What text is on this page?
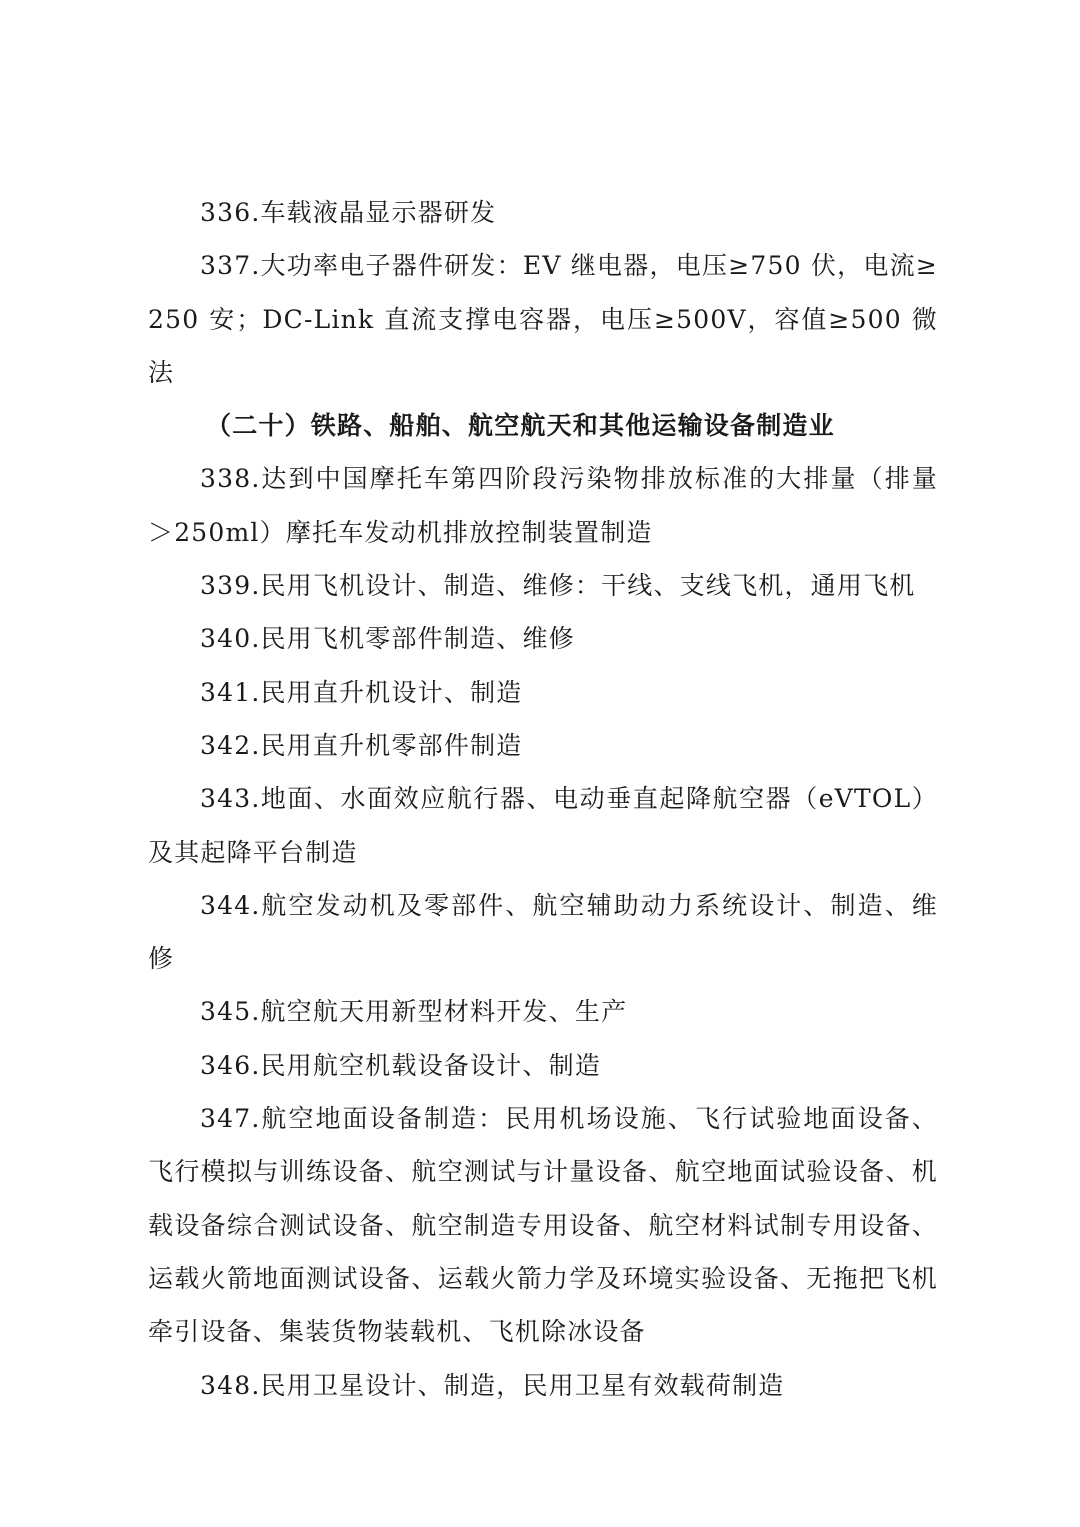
336.车载液晶显示器研发

337.大功率电子器件研发：EV 继电器，电压≥750 伏，电流≥250 安；DC-Link 直流支撑电容器，电压≥500V，容值≥500 微法

（二十）铁路、船舶、航空航天和其他运输设备制造业

338.达到中国摩托车第四阶段污染物排放标准的大排量（排量＞250ml）摩托车发动机排放控制装置制造

339.民用飞机设计、制造、维修：干线、支线飞机，通用飞机

340.民用飞机零部件制造、维修

341.民用直升机设计、制造

342.民用直升机零部件制造

343.地面、水面效应航行器、电动垂直起降航空器（eVTOL）及其起降平台制造

344.航空发动机及零部件、航空辅助动力系统设计、制造、维修

345.航空航天用新型材料开发、生产

346.民用航空机载设备设计、制造

347.航空地面设备制造：民用机场设施、飞行试验地面设备、飞行模拟与训练设备、航空测试与计量设备、航空地面试验设备、机载设备综合测试设备、航空制造专用设备、航空材料试制专用设备、运载火箭地面测试设备、运载火箭力学及环境实验设备、无拖把飞机牵引设备、集装货物装载机、飞机除冰设备

348.民用卫星设计、制造，民用卫星有效载荷制造
